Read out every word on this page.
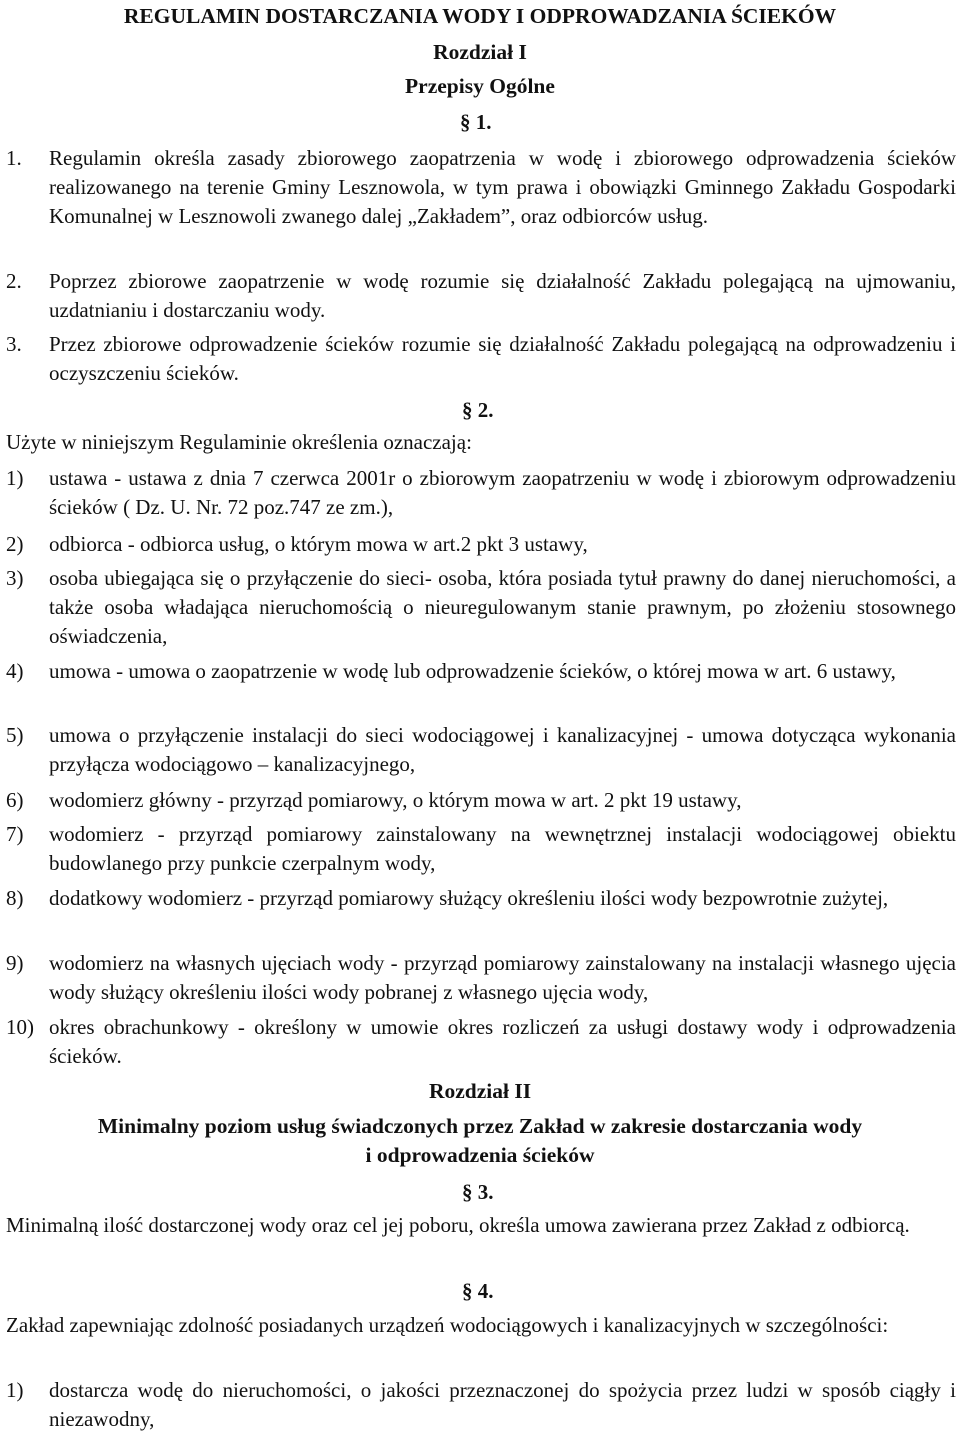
REGULAMIN DOSTARCZANIA WODY I ODPROWADZANIA ŚCIEKÓW
Rozdział I
Przepisy Ogólne
§ 1.
1. Regulamin określa zasady zbiorowego zaopatrzenia w wodę i zbiorowego odprowadzenia ścieków realizowanego na terenie Gminy Lesznowola, w tym prawa i obowiązki Gminnego Zakładu Gospodarki Komunalnej w Lesznowoli zwanego dalej „Zakładem”, oraz odbiorców usług.
2. Poprzez zbiorowe zaopatrzenie w wodę rozumie się działalność Zakładu polegającą na ujmowaniu, uzdatnianiu i dostarczaniu wody.
3. Przez zbiorowe odprowadzenie ścieków rozumie się działalność Zakładu polegającą na odprowadzeniu i oczyszczeniu ścieków.
§ 2.
Użyte w niniejszym Regulaminie określenia oznaczają:
1) ustawa - ustawa z dnia 7 czerwca 2001r o zbiorowym zaopatrzeniu w wodę i zbiorowym odprowadzeniu ścieków ( Dz. U. Nr. 72 poz.747 ze zm.),
2) odbiorca - odbiorca usług, o którym mowa w art.2 pkt 3 ustawy,
3) osoba ubiegająca się o przyłączenie do sieci- osoba, która posiada tytuł prawny do danej nieruchomości, a także osoba władająca nieruchomością o nieuregulowanym stanie prawnym, po złożeniu stosownego oświadczenia,
4) umowa - umowa o zaopatrzenie w wodę lub odprowadzenie ścieków, o której mowa w art. 6 ustawy,
5) umowa o przyłączenie instalacji do sieci wodociągowej i kanalizacyjnej - umowa dotycząca wykonania przyłącza wodociągowo – kanalizacyjnego,
6) wodomierz główny - przyrząd pomiarowy, o którym mowa w art. 2 pkt 19 ustawy,
7) wodomierz - przyrząd pomiarowy zainstalowany na wewnętrznej instalacji wodociągowej obiektu budowlanego przy punkcie czerpalnym wody,
8) dodatkowy wodomierz - przyrząd pomiarowy służący określeniu ilości wody bezpowrotnie zużytej,
9) wodomierz na własnych ujęciach wody - przyrząd pomiarowy zainstalowany na instalacji własnego ujęcia wody służący określeniu ilości wody pobranej z własnego ujęcia wody,
10) okres obrachunkowy - określony w umowie okres rozliczeń za usługi dostawy wody i odprowadzenia ścieków.
Rozdział II
Minimalny poziom usług świadczonych przez Zakład w zakresie dostarczania wody
i odprowadzenia ścieków
§ 3.
Minimalną ilość dostarczonej wody oraz cel jej poboru, określa umowa zawierana przez Zakład z odbiorcą.
§ 4.
Zakład zapewniając zdolność posiadanych urządzeń wodociągowych i kanalizacyjnych w szczególności:
1) dostarcza wodę do nieruchomości, o jakości przeznaczonej do spożycia przez ludzi w sposób ciągły i niezawodny,
